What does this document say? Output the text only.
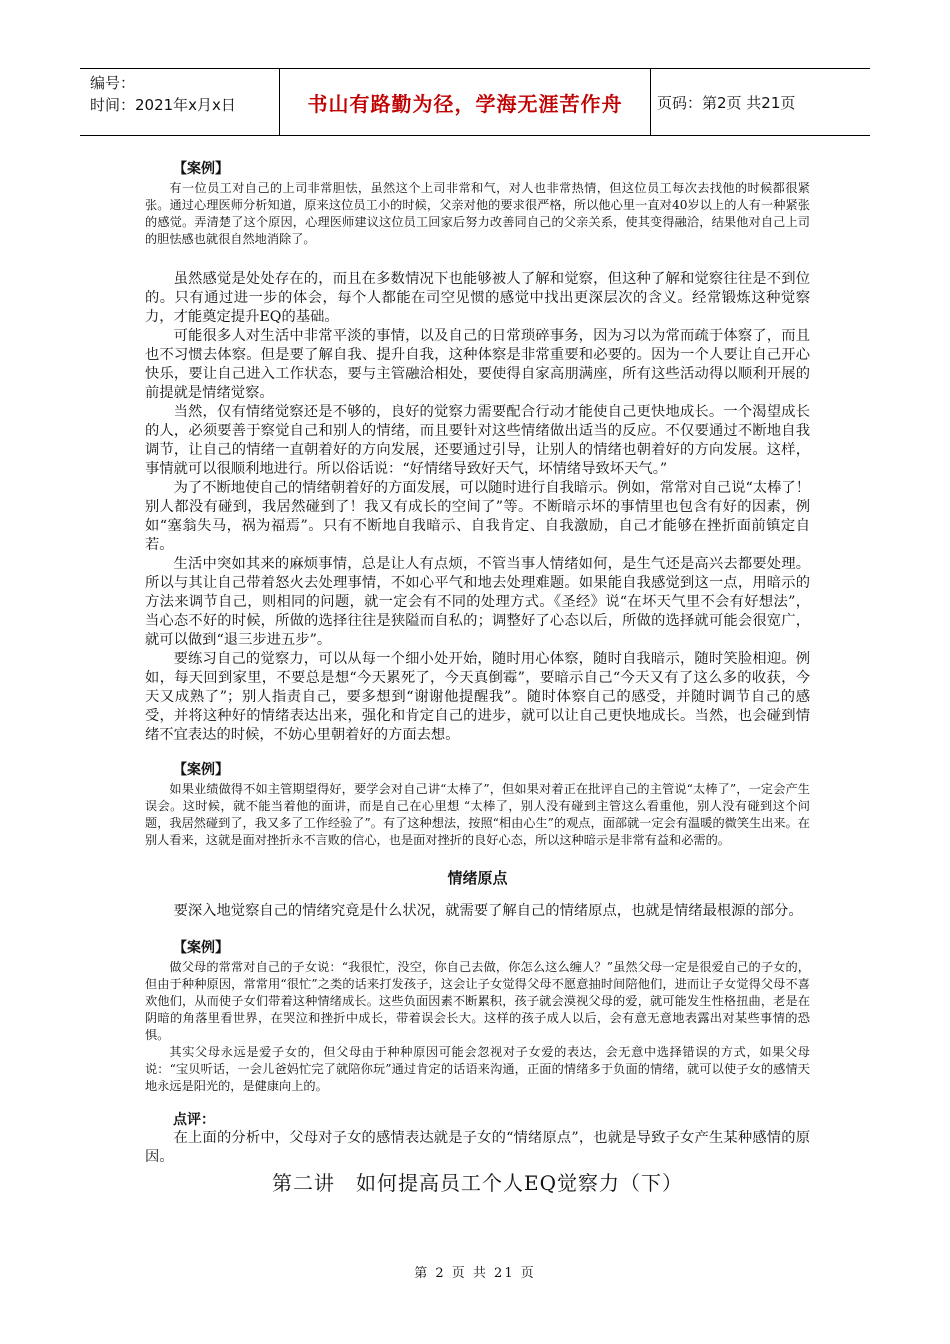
编号：
时间：2021年x月x日	书山有路勤为径，学海无涯苦作舟	页码：第2页 共21页

【案例】

有一位员工对自己的上司非常胆怯，虽然这个上司非常和气，对人也非常热情，但这位员工每次去找他的时候都很紧张。通过心理医师分析知道，原来这位员工小的时候，父亲对他的要求很严格，所以他心里一直对40岁以上的人有一种紧张的感觉。弄清楚了这个原因，心理医师建议这位员工回家后努力改善同自己的父亲关系，使其变得融洽，结果他对自己上司的胆怯感也就很自然地消除了。

虽然感觉是处处存在的，而且在多数情况下也能够被人了解和觉察，但这种了解和觉察往往是不到位的。只有通过进一步的体会，每个人都能在司空见惯的感觉中找出更深层次的含义。经常锻炼这种觉察力，才能奠定提升EQ的基础。

可能很多人对生活中非常平淡的事情，以及自己的日常琐碎事务，因为习以为常而疏于体察了，而且也不习惯去体察。但是要了解自我、提升自我，这种体察是非常重要和必要的。因为一个人要让自己开心快乐，要让自己进入工作状态，要与主管融洽相处，要使得自家高朋满座，所有这些活动得以顺利开展的前提就是情绪觉察。

当然，仅有情绪觉察还是不够的，良好的觉察力需要配合行动才能使自己更快地成长。一个渴望成长的人，必须要善于察觉自己和别人的情绪，而且要针对这些情绪做出适当的反应。不仅要通过不断地自我调节，让自己的情绪一直朝着好的方向发展，还要通过引导，让别人的情绪也朝着好的方向发展。这样，事情就可以很顺利地进行。所以俗话说：“好情绪导致好天气，坏情绪导致坏天气。”

为了不断地使自己的情绪朝着好的方面发展，可以随时进行自我暗示。例如，常常对自己说“太棒了！别人都没有碰到，我居然碰到了！我又有成长的空间了”等。不断暗示坏的事情里也包含有好的因素，例如“塞翁失马，祸为福焉”。只有不断地自我暗示、自我肯定、自我激励，自己才能够在挫折面前镇定自若。

生活中突如其来的麻烦事情，总是让人有点烦，不管当事人情绪如何，是生气还是高兴去都要处理。所以与其让自己带着怒火去处理事情，不如心平气和地去处理难题。如果能自我感觉到这一点，用暗示的方法来调节自己，则相同的问题，就一定会有不同的处理方式。《圣经》说“在坏天气里不会有好想法”，当心态不好的时候，所做的选择往往是狭隘而自私的；调整好了心态以后，所做的选择就可能会很宽广，就可以做到“退三步进五步”。

要练习自己的觉察力，可以从每一个细小处开始，随时用心体察，随时自我暗示，随时笑脸相迎。例如，每天回到家里，不要总是想“今天累死了，今天真倒霉”，要暗示自己“今天又有了这么多的收获，今天又成熟了”；别人指责自己，要多想到“谢谢他提醒我”。随时体察自己的感受，并随时调节自己的感受，并将这种好的情绪表达出来，强化和肯定自己的进步，就可以让自己更快地成长。当然，也会碰到情绪不宜表达的时候，不妨心里朝着好的方面去想。

【案例】

如果业绩做得不如主管期望得好，要学会对自己讲“太棒了”，但如果对着正在批评自己的主管说“太棒了”，一定会产生误会。这时候，就不能当着他的面讲，而是自己在心里想 “太棒了，别人没有碰到主管这么看重他，别人没有碰到这个问题，我居然碰到了，我又多了工作经验了”。有了这种想法，按照“相由心生”的观点，面部就一定会有温暖的微笑生出来。在别人看来，这就是面对挫折永不言败的信心，也是面对挫折的良好心态，所以这种暗示是非常有益和必需的。

情绪原点

要深入地觉察自己的情绪究竟是什么状况，就需要了解自己的情绪原点，也就是情绪最根源的部分。

【案例】

做父母的常常对自己的子女说：“我很忙，没空，你自己去做，你怎么这么缠人？”虽然父母一定是很爱自己的子女的，但由于种种原因，常常用“很忙”之类的话来打发孩子，这会让子女觉得父母不愿意抽时间陪他们，进而让子女觉得父母不喜欢他们，从而使子女们带着这种情绪成长。这些负面因素不断累积，孩子就会漠视父母的爱，就可能发生性格扭曲，老是在阴暗的角落里看世界，在哭泣和挫折中成长，带着误会长大。这样的孩子成人以后，会有意无意地表露出对某些事情的恐惧。

其实父母永远是爱子女的，但父母由于种种原因可能会忽视对子女爱的表达，会无意中选择错误的方式，如果父母说：“宝贝听话，一会儿爸妈忙完了就陪你玩”通过肯定的话语来沟通，正面的情绪多于负面的情绪，就可以使子女的感情天地永远是阳光的，是健康向上的。

点评：

在上面的分析中，父母对子女的感情表达就是子女的“情绪原点”，也就是导致子女产生某种感情的原因。

第二讲　如何提高员工个人EQ觉察力（下）

第 2 页 共 21 页
